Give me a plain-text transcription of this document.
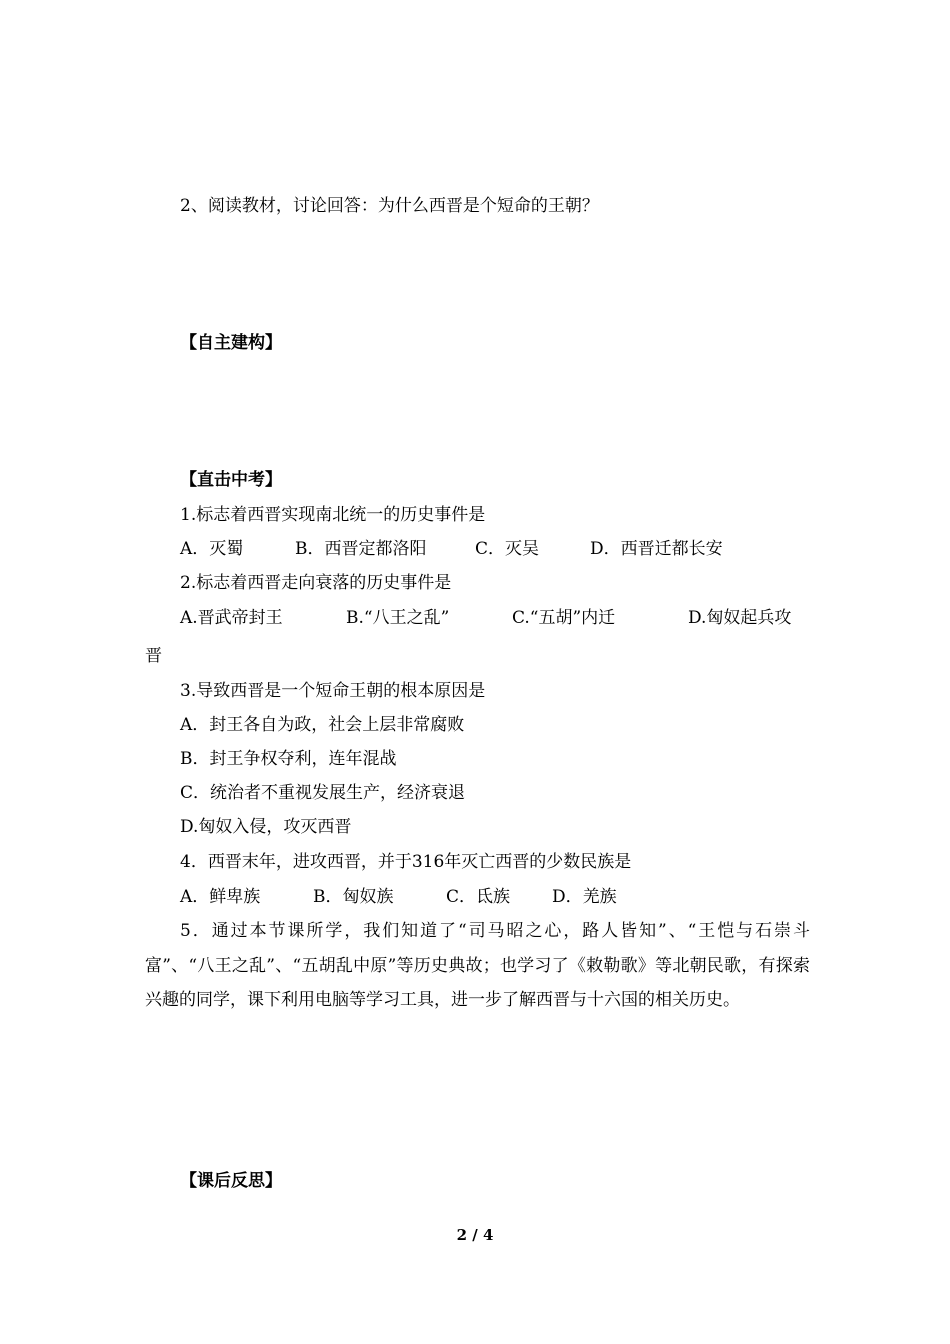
2、阅读教材，讨论回答：为什么西晋是个短命的王朝？
【自主建构】
【直击中考】
1.标志着西晋实现南北统一的历史事件是
A．灭蜀	B．西晋定都洛阳	C．灭吴	D．西晋迁都长安
2.标志着西晋走向衰落的历史事件是
A.晋武帝封王	B.“八王之乱”	C.“五胡”内迁	D.匈奴起兵攻
晋
3.导致西晋是一个短命王朝的根本原因是
A．封王各自为政，社会上层非常腐败
B．封王争权夺利，连年混战
C．统治者不重视发展生产，经济衰退
D.匈奴入侵，攻灭西晋
4．西晋末年，进攻西晋，并于316年灭亡西晋的少数民族是
A．鲜卑族	B．匈奴族	C．氐族 D．羌族
5．通过本节课所学，我们知道了“司马昭之心，路人皆知”、“王恺与石崇斗富”、“八王之乱”、“五胡乱中原”等历史典故；也学习了《敕勒歌》等北朝民歌，有探索兴趣的同学，课下利用电脑等学习工具，进一步了解西晋与十六国的相关历史。
【课后反思】
2 / 4
